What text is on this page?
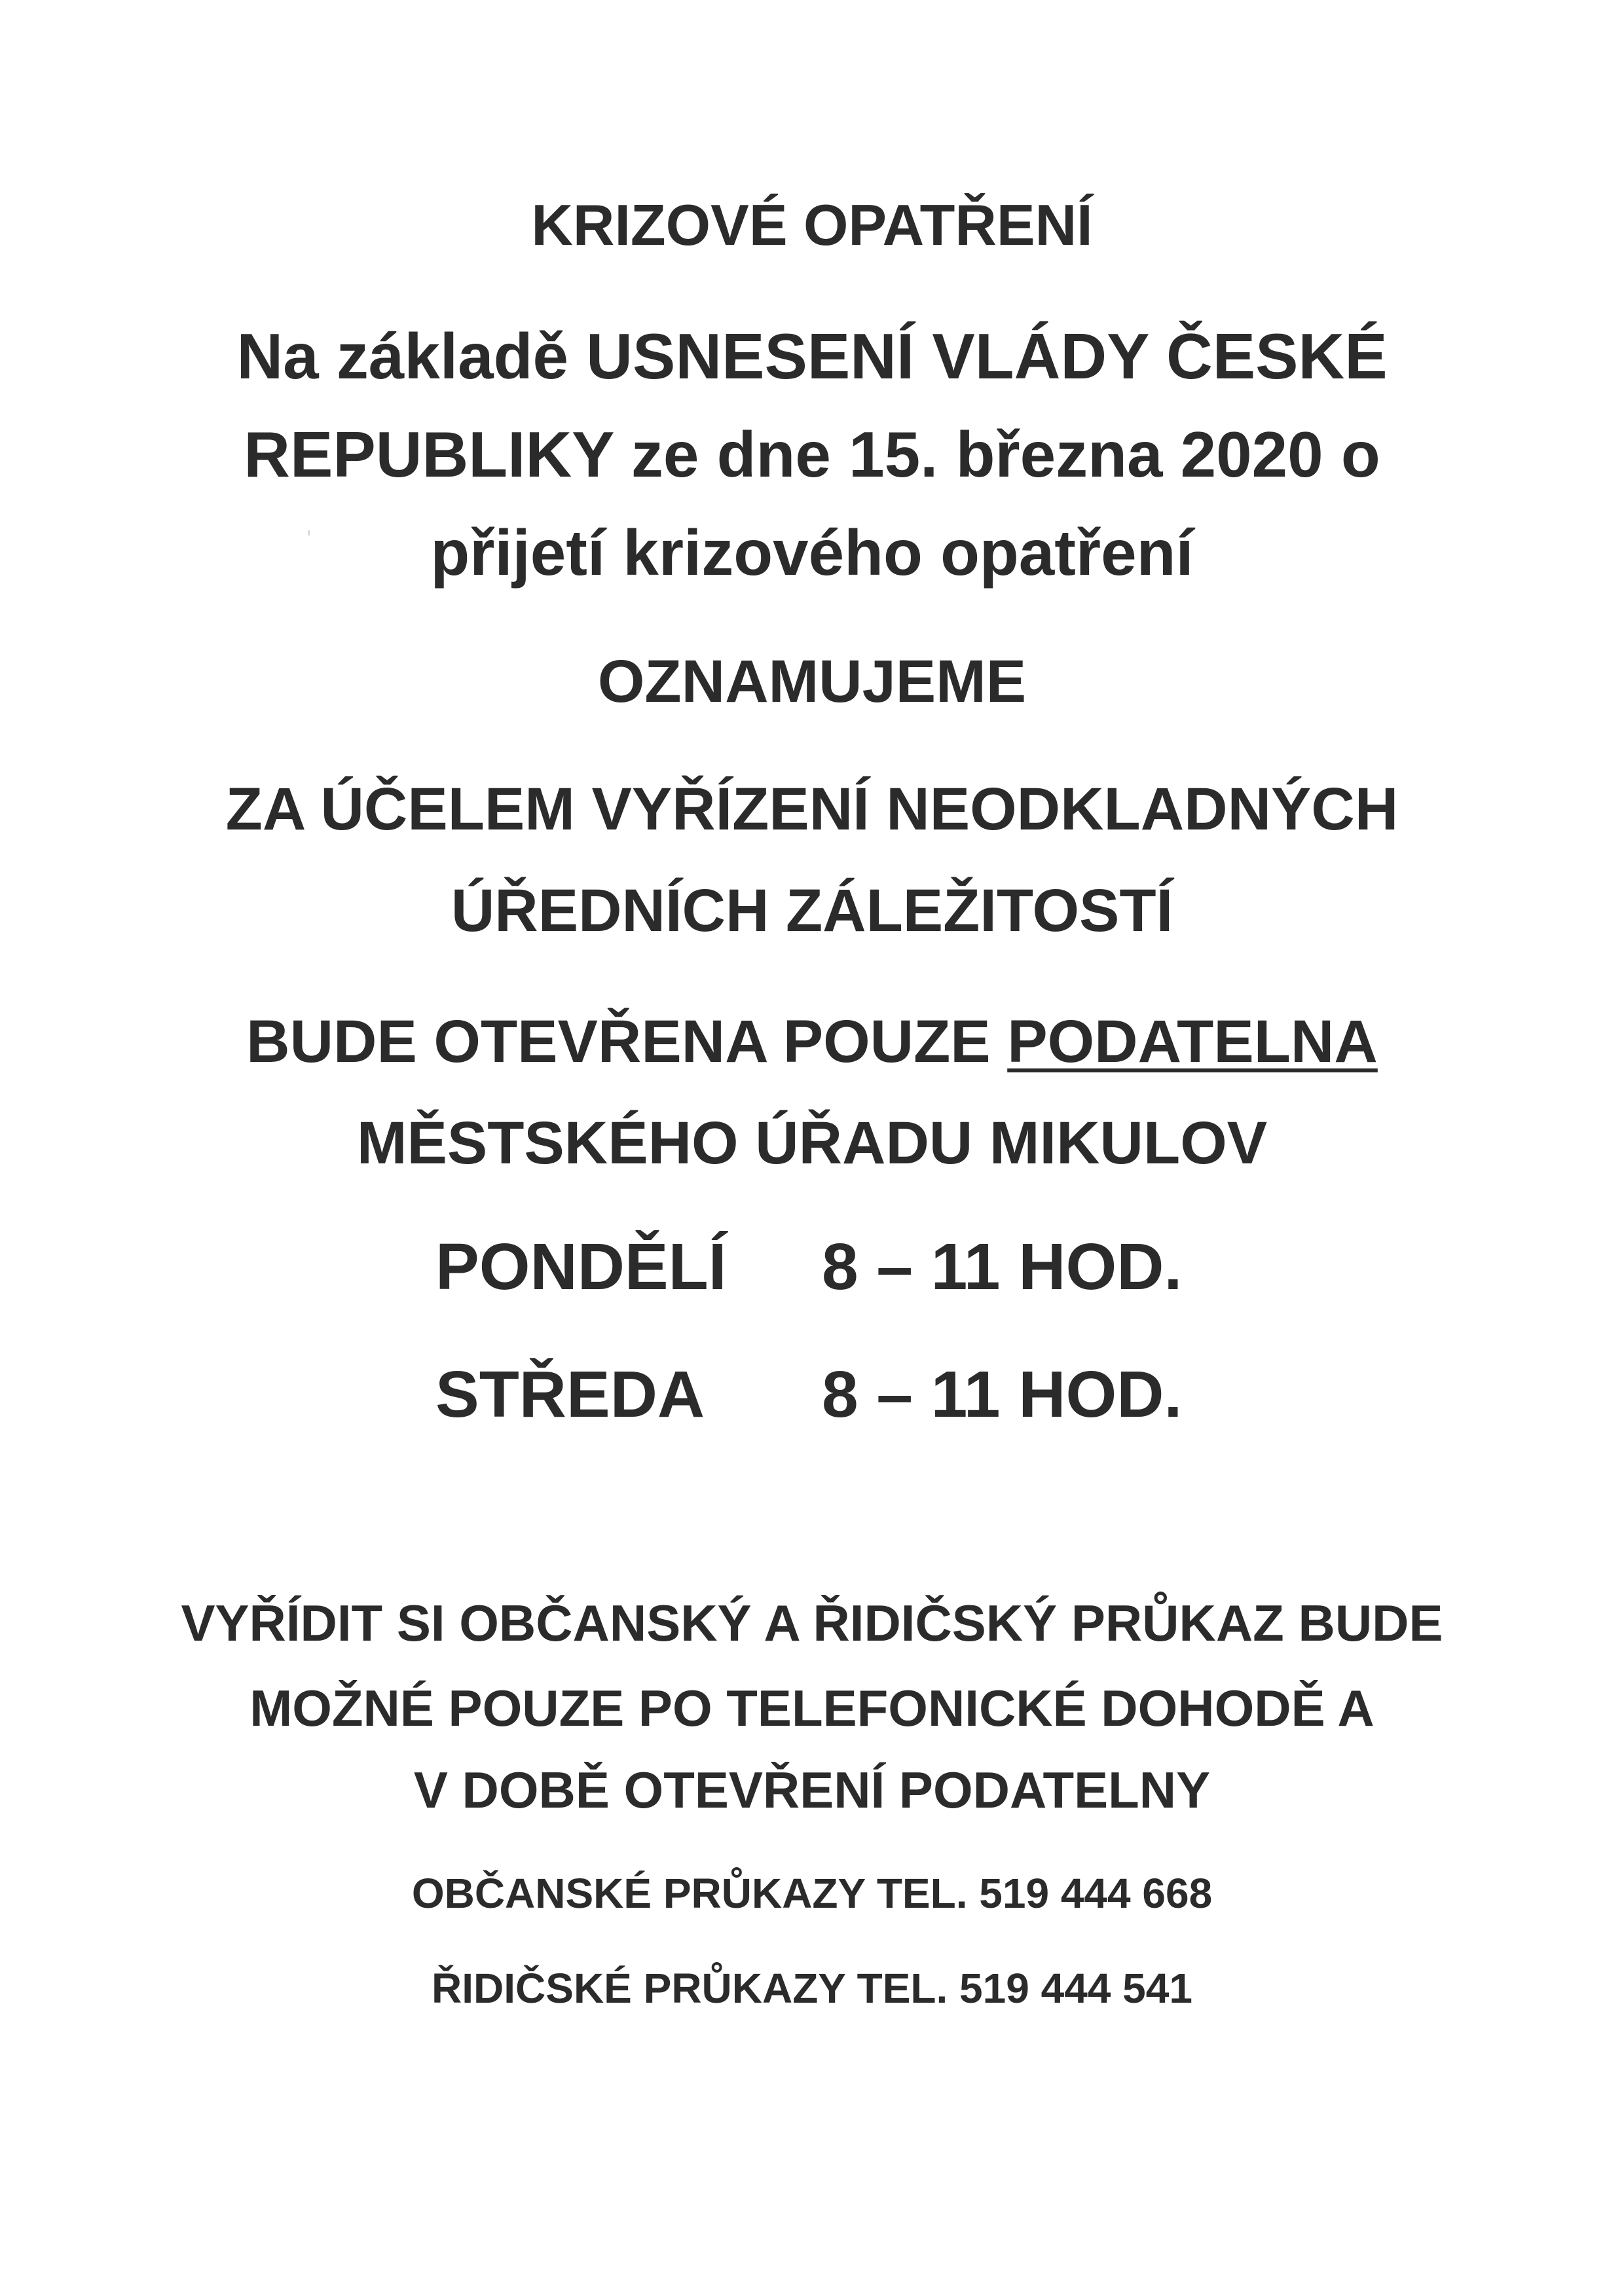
KRIZOVÉ OPATŘENÍ
Na základě USNESENÍ VLÁDY ČESKÉ
REPUBLIKY ze dne 15. března 2020 o
přijetí krizového opatření
OZNAMUJEME
ZA ÚČELEM VYŘÍZENÍ NEODKLADNÝCH
ÚŘEDNÍCH ZÁLEŽITOSTÍ
BUDE OTEVŘENA POUZE PODATELNA
MĚSTSKÉHO ÚŘADU MIKULOV
PONDĚLÍ 8 – 11 HOD.
STŘEDA 8 – 11 HOD.
VYŘÍDIT SI OBČANSKÝ A ŘIDIČSKÝ PRŮKAZ BUDE
MOŽNÉ POUZE PO TELEFONICKÉ DOHODĚ A
V DOBĚ OTEVŘENÍ PODATELNY
OBČANSKÉ PRŮKAZY TEL. 519 444 668
ŘIDIČSKÉ PRŮKAZY TEL. 519 444 541
